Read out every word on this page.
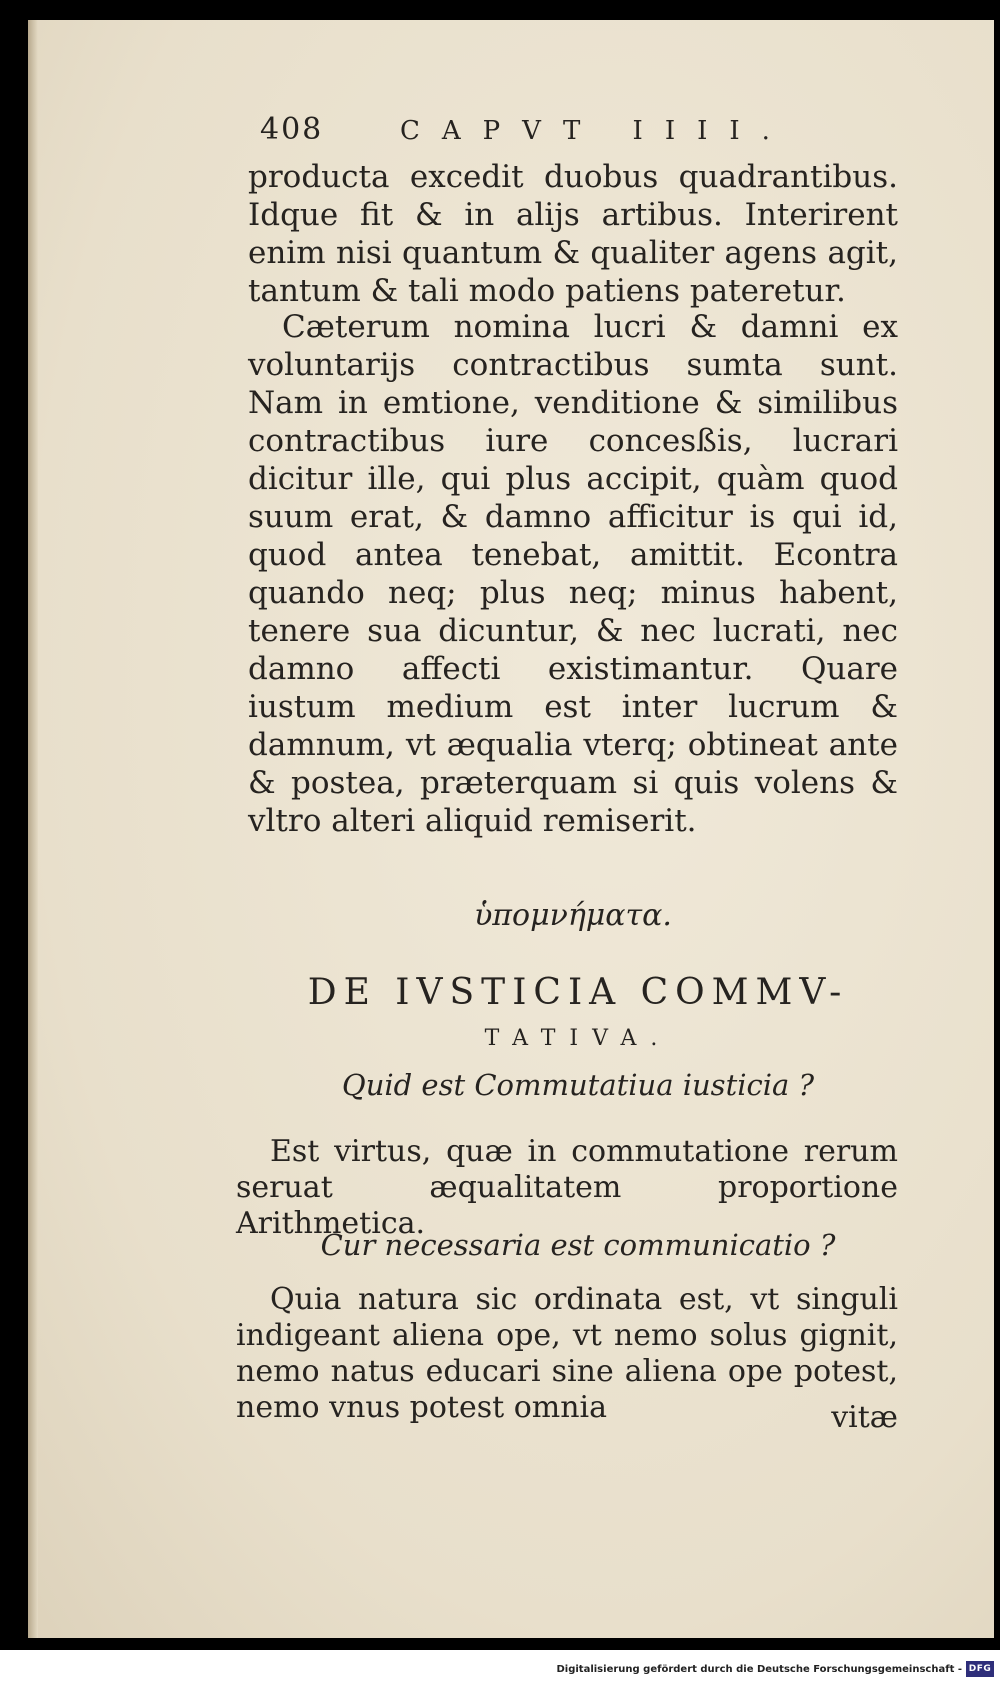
408	CAPVT IIII.

producta excedit duobus quadrantibus. Idque fit & in alijs artibus. Interirent enim nisi quantum & qualiter agens agit, tantum & tali modo patiens pateretur.

Cæterum nomina lucri & damni ex voluntarijs contractibus sumta sunt. Nam in emtione, venditione & similibus contractibus iure concesßis, lucrari dicitur ille, qui plus accipit, quàm quod suum erat, & damno afficitur is qui id, quod antea tenebat, amittit. Econtra quando neq; plus neq; minus habent, tenere sua dicuntur, & nec lucrati, nec damno affecti existimantur. Quare iustum medium est inter lucrum & damnum, vt æqualia vterq; obtineat ante & postea, præterquam si quis volens & vltro alteri aliquid remiserit.

ὑπομνήματα.
DE IVSTICIA COMMV-
TATIVA.
Quid est Commutatiua iusticia ?

Est virtus, quæ in commutatione rerum seruat æqualitatem proportione Arithmetica.

Cur necessaria est communicatio ?

Quia natura sic ordinata est, vt singuli indigeant aliena ope, vt nemo solus gignit, nemo natus educari sine aliena ope potest, nemo vnus potest omnia	vitæ
Digitalisierung gefördert durch die Deutsche Forschungsgemeinschaft - DFG
